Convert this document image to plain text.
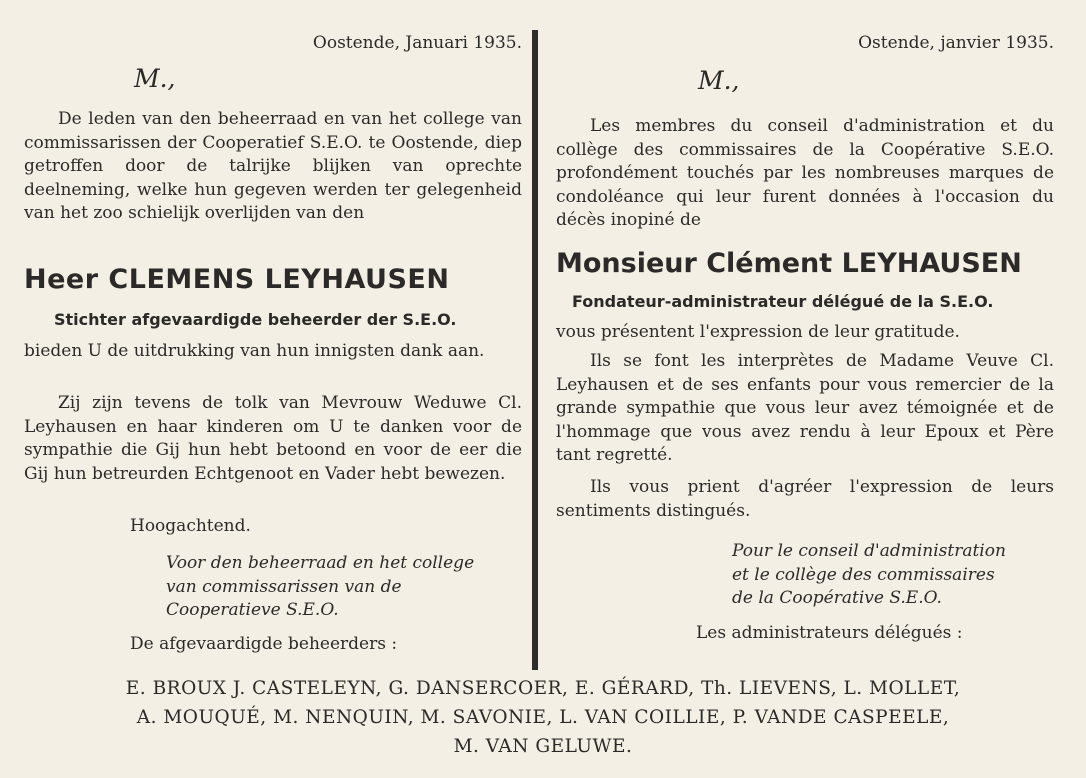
Oostende, Januari 1935.
M.,

De leden van den beheerraad en van het college van commissarissen der Cooperatief S.E.O. te Oostende, diep getroffen door de talrijke blijken van oprechte deelneming, welke hun gegeven werden ter gelegenheid van het zoo schielijk overlijden van den

Heer CLEMENS LEYHAUSEN
Stichter afgevaardigde beheerder der S.E.O.

bieden U de uitdrukking van hun innigsten dank aan.

Zij zijn tevens de tolk van Mevrouw Weduwe Cl. Leyhausen en haar kinderen om U te danken voor de sympathie die Gij hun hebt betoond en voor de eer die Gij hun betreurden Echtgenoot en Vader hebt bewezen.

Hoogachtend.
Voor den beheerraad en het college
van commissarissen van de
Cooperatieve S.E.O.
De afgevaardigde beheerders :
Ostende, janvier 1935.
M.,

Les membres du conseil d'administration et du collège des commissaires de la Coopérative S.E.O. profondément touchés par les nombreuses marques de condoléance qui leur furent données à l'occasion du décès inopiné de

Monsieur Clément LEYHAUSEN
Fondateur-administrateur délégué de la S.E.O.

vous présentent l'expression de leur gratitude.

Ils se font les interprètes de Madame Veuve Cl. Leyhausen et de ses enfants pour vous remercier de la grande sympathie que vous leur avez témoignée et de l'hommage que vous avez rendu à leur Epoux et Père tant regretté.

Ils vous prient d'agréer l'expression de leurs sentiments distingués.

Pour le conseil d'administration
et le collège des commissaires
de la Coopérative S.E.O.
Les administrateurs délégués :
E. BROUX J. CASTELEYN, G. DANSERCOER, E. GÉRARD, Th. LIEVENS, L. MOLLET,
A. MOUQUÉ, M. NENQUIN, M. SAVONIE, L. VAN COILLIE, P. VANDE CASPEELE,
M. VAN GELUWE.
